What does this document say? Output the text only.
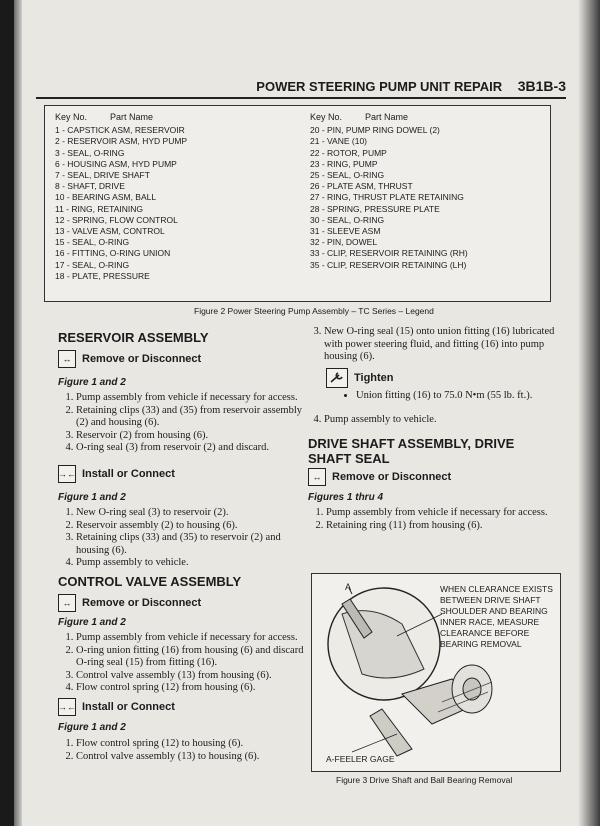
POWER STEERING PUMP UNIT REPAIR 3B1B-3
Key No.	Part Name
1 - CAPSTICK ASM, RESERVOIR
2 - RESERVOIR ASM, HYD PUMP
3 - SEAL, O-RING
6 - HOUSING ASM, HYD PUMP
7 - SEAL, DRIVE SHAFT
8 - SHAFT, DRIVE
10 - BEARING ASM, BALL
11 - RING, RETAINING
12 - SPRING, FLOW CONTROL
13 - VALVE ASM, CONTROL
15 - SEAL, O-RING
16 - FITTING, O-RING UNION
17 - SEAL, O-RING
18 - PLATE, PRESSURE
Key No.	Part Name
20 - PIN, PUMP RING DOWEL (2)
21 - VANE (10)
22 - ROTOR, PUMP
23 - RING, PUMP
25 - SEAL, O-RING
26 - PLATE ASM, THRUST
27 - RING, THRUST PLATE RETAINING
28 - SPRING, PRESSURE PLATE
30 - SEAL, O-RING
31 - SLEEVE ASM
32 - PIN, DOWEL
33 - CLIP, RESERVOIR RETAINING (RH)
35 - CLIP, RESERVOIR RETAINING (LH)
Figure 2 Power Steering Pump Assembly – TC Series – Legend
RESERVOIR ASSEMBLY
↔ Remove or Disconnect
Figure 1 and 2
1. Pump assembly from vehicle if necessary for access.
2. Retaining clips (33) and (35) from reservoir assembly (2) and housing (6).
3. Reservoir (2) from housing (6).
4. O-ring seal (3) from reservoir (2) and discard.
→← Install or Connect
Figure 1 and 2
1. New O-ring seal (3) to reservoir (2).
2. Reservoir assembly (2) to housing (6).
3. Retaining clips (33) and (35) to reservoir (2) and housing (6).
4. Pump assembly to vehicle.
CONTROL VALVE ASSEMBLY
↔ Remove or Disconnect
Figure 1 and 2
1. Pump assembly from vehicle if necessary for access.
2. O-ring union fitting (16) from housing (6) and discard O-ring seal (15) from fitting (16).
3. Control valve assembly (13) from housing (6).
4. Flow control spring (12) from housing (6).
→← Install or Connect
Figure 1 and 2
1. Flow control spring (12) to housing (6).
2. Control valve assembly (13) to housing (6).
3. New O-ring seal (15) onto union fitting (16) lubricated with power steering fluid, and fitting (16) into pump housing (6).
Tighten
• Union fitting (16) to 75.0 N•m (55 lb. ft.).
4. Pump assembly to vehicle.
DRIVE SHAFT ASSEMBLY, DRIVE
SHAFT SEAL
↔ Remove or Disconnect
Figures 1 thru 4
1. Pump assembly from vehicle if necessary for access.
2. Retaining ring (11) from housing (6).
A	WHEN CLEARANCE EXISTS BETWEEN DRIVE SHAFT SHOULDER AND BEARING INNER RACE, MEASURE CLEARANCE BEFORE BEARING REMOVAL
A-FEELER GAGE
Figure 3 Drive Shaft and Ball Bearing Removal
